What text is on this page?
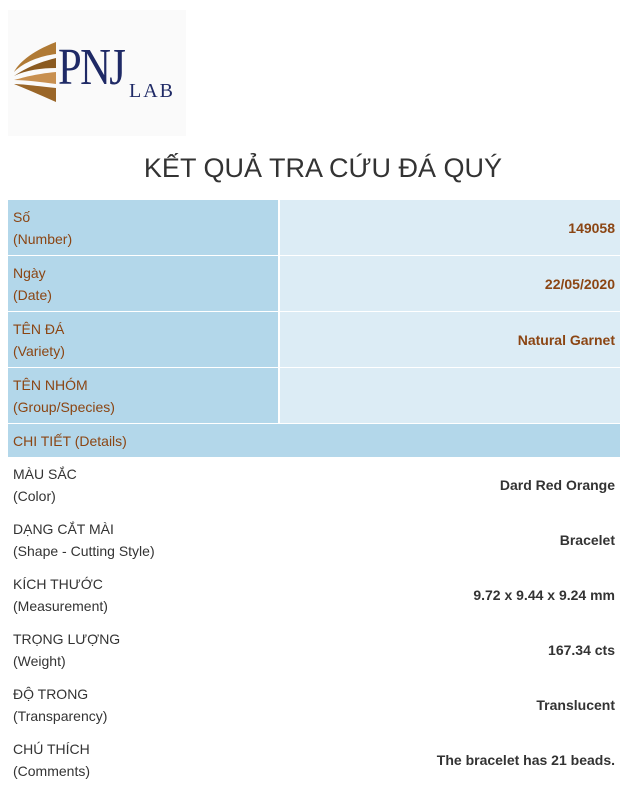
PNJ LAB
KẾT QUẢ TRA CỨU ĐÁ QUÝ
Số
(Number)	149058

Ngày
(Date)	22/05/2020

TÊN ĐÁ
(Variety)	Natural Garnet

TÊN NHÓM
(Group/Species)	

CHI TIẾT (Details)	

MÀU SẮC
(Color)	Dard Red Orange

DẠNG CẮT MÀI
(Shape - Cutting Style)	Bracelet

KÍCH THƯỚC
(Measurement)	9.72 x 9.44 x 9.24 mm

TRỌNG LƯỢNG
(Weight)	167.34 cts

ĐỘ TRONG
(Transparency)	Translucent

CHÚ THÍCH
(Comments)	The bracelet has 21 beads.
